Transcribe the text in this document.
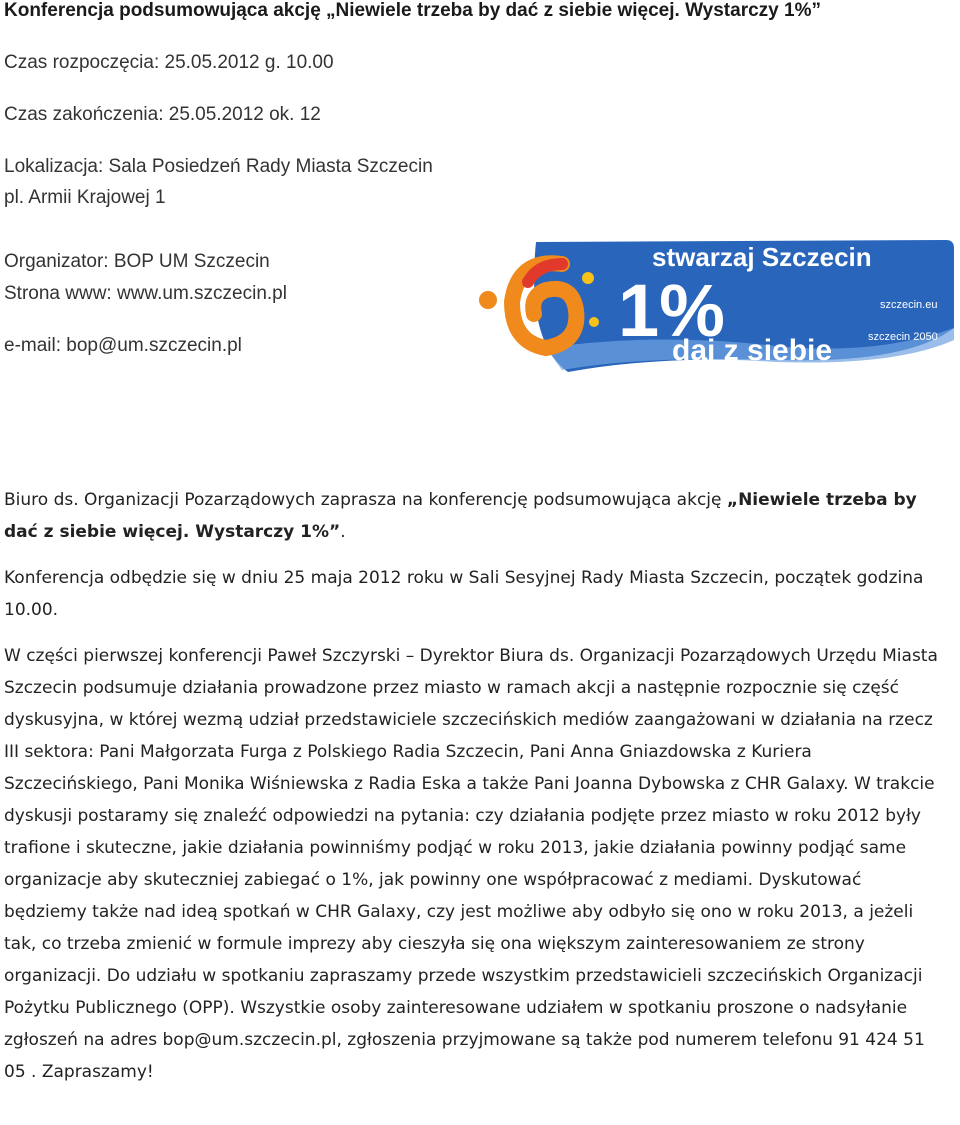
Konferencja podsumowująca akcję „Niewiele trzeba by dać z siebie więcej. Wystarczy 1%”
Czas rozpoczęcia: 25.05.2012 g. 10.00
Czas zakończenia: 25.05.2012 ok. 12
Lokalizacja: Sala Posiedzeń Rady Miasta Szczecin
pl. Armii Krajowej 1
Organizator: BOP UM Szczecin
Strona www: www.um.szczecin.pl
e-mail: bop@um.szczecin.pl
stwarzaj Szczecin
1%
daj z siebie
szczecin.eu
szczecin 2050

Biuro ds. Organizacji Pozarządowych zaprasza na konferencję podsumowująca akcję „Niewiele trzeba by dać z siebie więcej. Wystarczy 1%”.

Konferencja odbędzie się w dniu 25 maja 2012 roku w Sali Sesyjnej Rady Miasta Szczecin, początek godzina 10.00.

W części pierwszej konferencji Paweł Szczyrski – Dyrektor Biura ds. Organizacji Pozarządowych Urzędu Miasta Szczecin podsumuje działania prowadzone przez miasto w ramach akcji a następnie rozpocznie się część dyskusyjna, w której wezmą udział przedstawiciele szczecińskich mediów zaangażowani w działania na rzecz III sektora: Pani Małgorzata Furga z Polskiego Radia Szczecin, Pani Anna Gniazdowska z Kuriera Szczecińskiego, Pani Monika Wiśniewska z Radia Eska a także Pani Joanna Dybowska z CHR Galaxy. W trakcie dyskusji postaramy się znaleźć odpowiedzi na pytania: czy działania podjęte przez miasto w roku 2012 były trafione i skuteczne, jakie działania powinniśmy podjąć w roku 2013, jakie działania powinny podjąć same organizacje aby skuteczniej zabiegać o 1%, jak powinny one współpracować z mediami. Dyskutować będziemy także nad ideą spotkań w CHR Galaxy, czy jest możliwe aby odbyło się ono w roku 2013, a jeżeli tak, co trzeba zmienić w formule imprezy aby cieszyła się ona większym zainteresowaniem ze strony organizacji. Do udziału w spotkaniu zapraszamy przede wszystkim przedstawicieli szczecińskich Organizacji Pożytku Publicznego (OPP). Wszystkie osoby zainteresowane udziałem w spotkaniu proszone o nadsyłanie zgłoszeń na adres bop@um.szczecin.pl, zgłoszenia przyjmowane są także pod numerem telefonu 91 424 51 05 . Zapraszamy!
